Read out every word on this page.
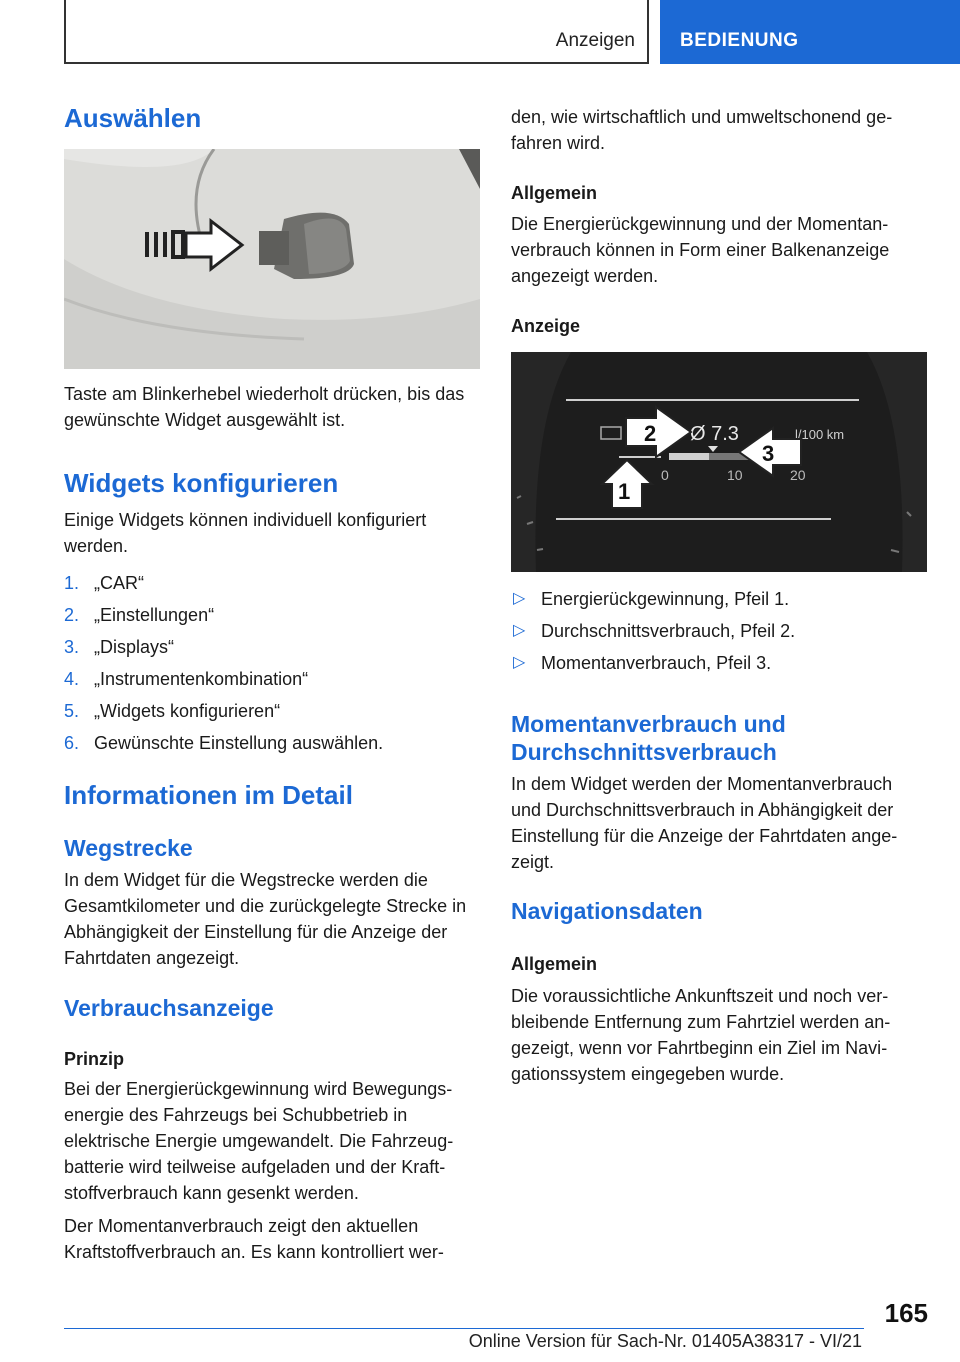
Anzeigen BEDIENUNG
Auswählen

Taste am Blinkerhebel wiederholt drücken, bis das gewünschte Widget ausgewählt ist.

Widgets konfigurieren

Einige Widgets können individuell konfiguriert werden.

1. „CAR“
2. „Einstellungen“
3. „Displays“
4. „Instrumentenkombination“
5. „Widgets konfigurieren“
6. Gewünschte Einstellung auswählen.
Informationen im Detail
Wegstrecke

In dem Widget für die Wegstrecke werden die Gesamtkilometer und die zurückgelegte Strecke in Abhängigkeit der Einstellung für die Anzeige der Fahrtdaten angezeigt.

Verbrauchsanzeige
Prinzip

Bei der Energierückgewinnung wird Bewegungsenergie des Fahrzeugs bei Schubbetrieb in elektrische Energie umgewandelt. Die Fahrzeugbatterie wird teilweise aufgeladen und der Kraftstoffverbrauch kann gesenkt werden.

Der Momentanverbrauch zeigt den aktuellen Kraftstoffverbrauch an. Es kann kontrolliert wer-

den, wie wirtschaftlich und umweltschonend gefahren wird.

Allgemein

Die Energierückgewinnung und der Momentanverbrauch können in Form einer Balkenanzeige angezeigt werden.

Anzeige
Ø 7.3	l/100 km
0	10	20
1
2
3
▷ Energierückgewinnung, Pfeil 1.
▷ Durchschnittsverbrauch, Pfeil 2.
▷ Momentanverbrauch, Pfeil 3.
Momentanverbrauch und Durchschnittsverbrauch

In dem Widget werden der Momentanverbrauch und Durchschnittsverbrauch in Abhängigkeit der Einstellung für die Anzeige der Fahrtdaten angezeigt.

Navigationsdaten
Allgemein

Die voraussichtliche Ankunftszeit und noch verbleibende Entfernung zum Fahrtziel werden angezeigt, wenn vor Fahrtbeginn ein Ziel im Navigationssystem eingegeben wurde.

165
Online Version für Sach-Nr. 01405A38317 - VI/21
